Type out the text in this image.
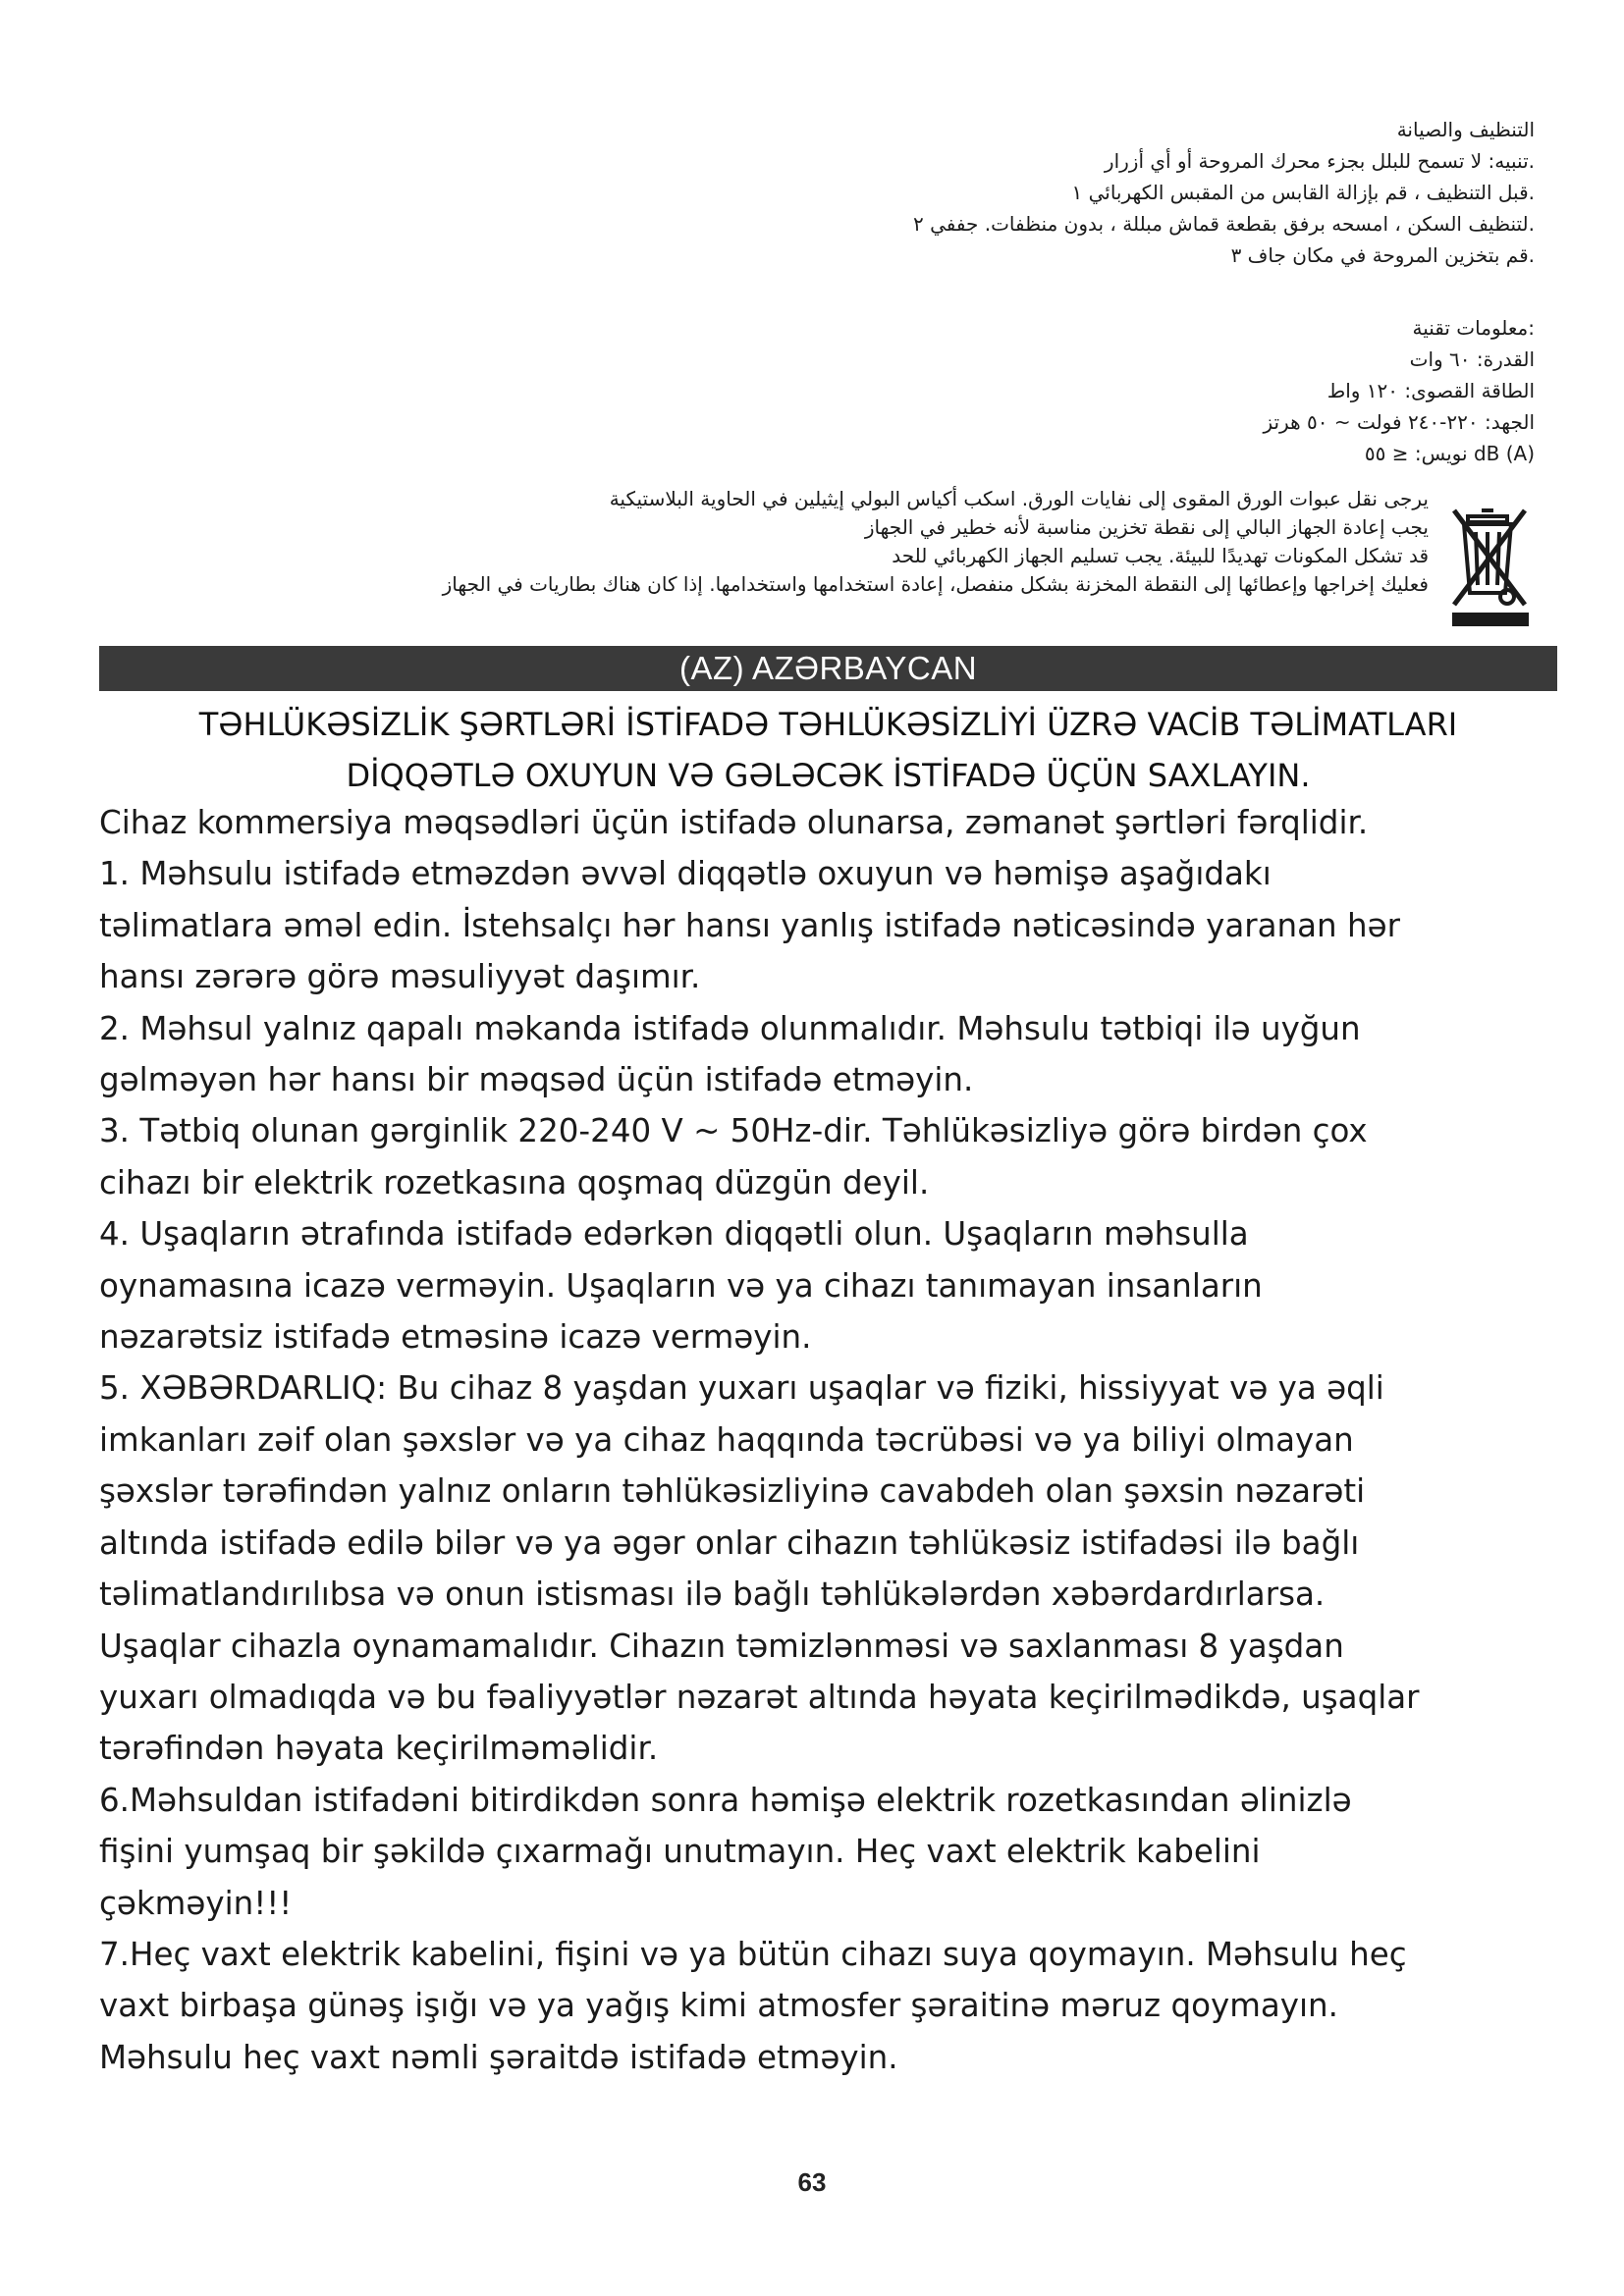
التنظيف والصيانة
.تنبيه: لا تسمح للبلل بجزء محرك المروحة أو أي أزرار
.قبل التنظيف ، قم بإزالة القابس من المقبس الكهربائي ١
.لتنظيف السكن ، امسحه برفق بقطعة قماش مبللة ، بدون منظفات. جففي ٢
.قم بتخزين المروحة في مكان جاف ٣
:معلومات تقنية
القدرة: ٦٠ وات
الطاقة القصوى: ١٢٠ واط
الجهد: ٢٢٠-٢٤٠ فولت ~ ٥٠ هرتز
dB (A) نويس: ≤ ٥٥
يرجى نقل عبوات الورق المقوى إلى نفايات الورق. اسكب أكياس البولي إيثيلين في الحاوية البلاستيكية
يجب إعادة الجهاز البالي إلى نقطة تخزين مناسبة لأنه خطير في الجهاز
قد تشكل المكونات تهديدًا للبيئة. يجب تسليم الجهاز الكهربائي للحد
فعليك إخراجها وإعطائها إلى النقطة المخزنة بشكل منفصل، إعادة استخدامها واستخدامها. إذا كان هناك بطاريات في الجهاز
(AZ) AZƏRBAYCAN
TƏHLÜKƏSİZLİK ŞƏRTLƏRİ İSTİFADƏ TƏHLÜKƏSİZLİYİ ÜZRƏ VACİB TƏLİMATLARI
DİQQƏTLƏ OXUYUN VƏ GƏLƏCƏK İSTİFADƏ ÜÇÜN SAXLAYIN.
Cihaz kommersiya məqsədləri üçün istifadə olunarsa, zəmanət şərtləri fərqlidir.
1. Məhsulu istifadə etməzdən əvvəl diqqətlə oxuyun və həmişə aşağıdakı
təlimatlara əməl edin. İstehsalçı hər hansı yanlış istifadə nəticəsində yaranan hər
hansı zərərə görə məsuliyyət daşımır.
2. Məhsul yalnız qapalı məkanda istifadə olunmalıdır. Məhsulu tətbiqi ilə uyğun
gəlməyən hər hansı bir məqsəd üçün istifadə etməyin.
3. Tətbiq olunan gərginlik 220-240 V ~ 50Hz-dir. Təhlükəsizliyə görə birdən çox
cihazı bir elektrik rozetkasına qoşmaq düzgün deyil.
4. Uşaqların ətrafında istifadə edərkən diqqətli olun. Uşaqların məhsulla
oynamasına icazə verməyin. Uşaqların və ya cihazı tanımayan insanların
nəzarətsiz istifadə etməsinə icazə verməyin.
5. XƏBƏRDARLIQ: Bu cihaz 8 yaşdan yuxarı uşaqlar və fiziki, hissiyyat və ya əqli
imkanları zəif olan şəxslər və ya cihaz haqqında təcrübəsi və ya biliyi olmayan
şəxslər tərəfindən yalnız onların təhlükəsizliyinə cavabdeh olan şəxsin nəzarəti
altında istifadə edilə bilər və ya əgər onlar cihazın təhlükəsiz istifadəsi ilə bağlı
təlimatlandırılıbsa və onun istisması ilə bağlı təhlükələrdən xəbərdardırlarsa.
Uşaqlar cihazla oynamamalıdır. Cihazın təmizlənməsi və saxlanması 8 yaşdan
yuxarı olmadıqda və bu fəaliyyətlər nəzarət altında həyata keçirilmədikdə, uşaqlar
tərəfindən həyata keçirilməməlidir.
6.Məhsuldan istifadəni bitirdikdən sonra həmişə elektrik rozetkasından əlinizlə
fişini yumşaq bir şəkildə çıxarmağı unutmayın. Heç vaxt elektrik kabelini
çəkməyin!!!
7.Heç vaxt elektrik kabelini, fişini və ya bütün cihazı suya qoymayın. Məhsulu heç
vaxt birbaşa günəş işığı və ya yağış kimi atmosfer şəraitinə məruz qoymayın.
Məhsulu heç vaxt nəmli şəraitdə istifadə etməyin.
63
